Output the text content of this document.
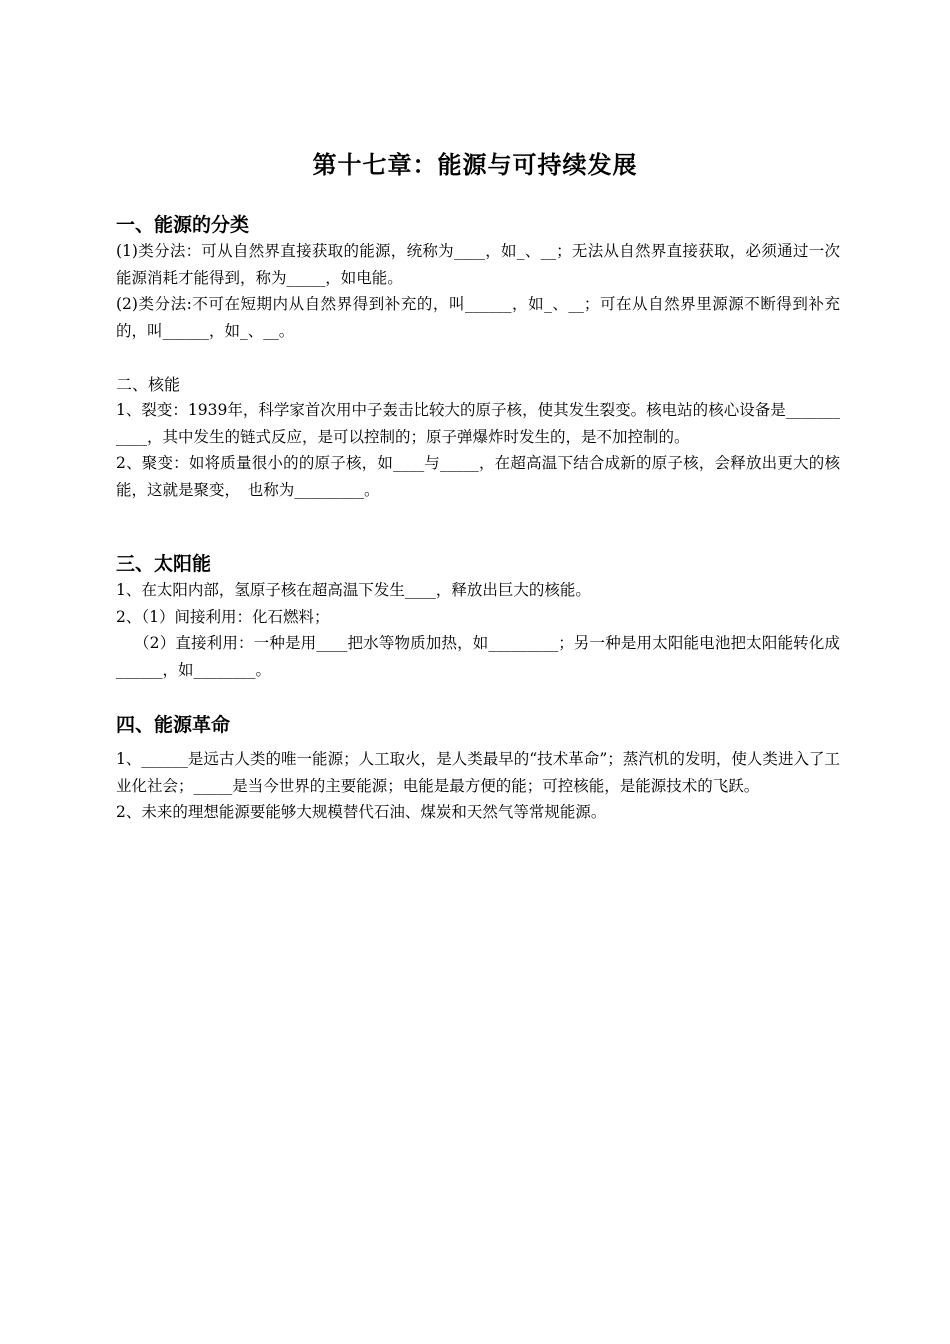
第十七章：能源与可持续发展
一、能源的分类

(1)类分法：可从自然界直接获取的能源，统称为____，如_、__；无法从自然界直接获取，必须通过一次能源消耗才能得到，称为_____，如电能。

(2)类分法:不可在短期内从自然界得到补充的，叫______，如_、__；可在从自然界里源源不断得到补充的，叫______，如_、__。

二、核能

1、裂变：1939年，科学家首次用中子轰击比较大的原子核，使其发生裂变。核电站的核心设备是___________，其中发生的链式反应，是可以控制的；原子弹爆炸时发生的，是不加控制的。

2、聚变：如将质量很小的的原子核，如____与_____，在超高温下结合成新的原子核，会释放出更大的核能，这就是聚变，　也称为_________。

三、太阳能

1、在太阳内部，氢原子核在超高温下发生____，释放出巨大的核能。

2、（1）间接利用：化石燃料；

（2）直接利用：一种是用____把水等物质加热，如_________；另一种是用太阳能电池把太阳能转化成______，如________。

四、能源革命

1、______是远古人类的唯一能源；人工取火，是人类最早的“技术革命”；蒸汽机的发明，使人类进入了工业化社会；_____是当今世界的主要能源；电能是最方便的能；可控核能，是能源技术的飞跃。

2、未来的理想能源要能够大规模替代石油、煤炭和天然气等常规能源。
